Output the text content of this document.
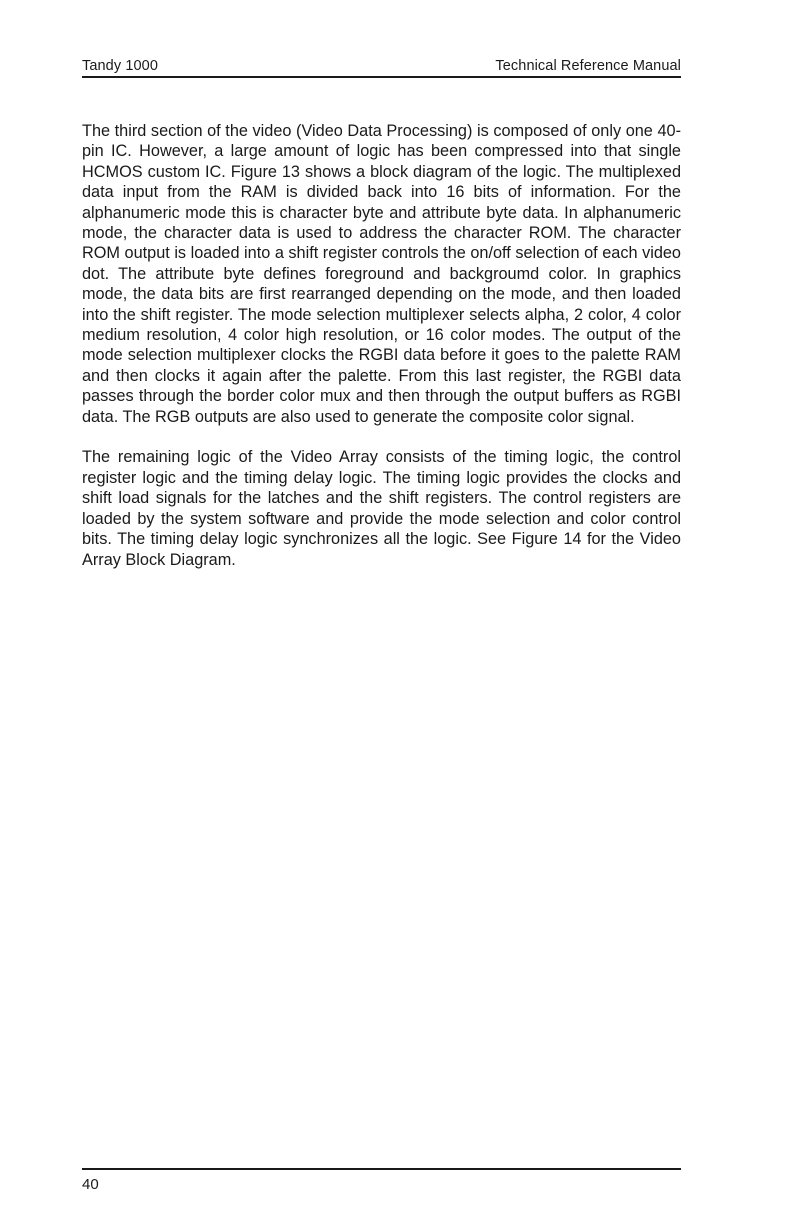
Tandy 1000	Technical Reference Manual

The third section of the video (Video Data Processing) is composed of only one 40-pin IC. However, a large amount of logic has been compressed into that single HCMOS custom IC. Figure 13 shows a block diagram of the logic. The multiplexed data input from the RAM is divided back into 16 bits of information. For the alphanumeric mode this is character byte and attribute byte data. In alphanumeric mode, the character data is used to address the character ROM. The character ROM output is loaded into a shift register controls the on/off selection of each video dot. The attribute byte defines foreground and backgroumd color. In graphics mode, the data bits are first rearranged depending on the mode, and then loaded into the shift register. The mode selection multiplexer selects alpha, 2 color, 4 color medium resolution, 4 color high resolution, or 16 color modes. The output of the mode selection multiplexer clocks the RGBI data before it goes to the palette RAM and then clocks it again after the palette. From this last register, the RGBI data passes through the border color mux and then through the output buffers as RGBI data. The RGB outputs are also used to generate the composite color signal.

The remaining logic of the Video Array consists of the timing logic, the control register logic and the timing delay logic. The timing logic provides the clocks and shift load signals for the latches and the shift registers. The control registers are loaded by the system software and provide the mode selection and color control bits. The timing delay logic synchronizes all the logic. See Figure 14 for the Video Array Block Diagram.

40
